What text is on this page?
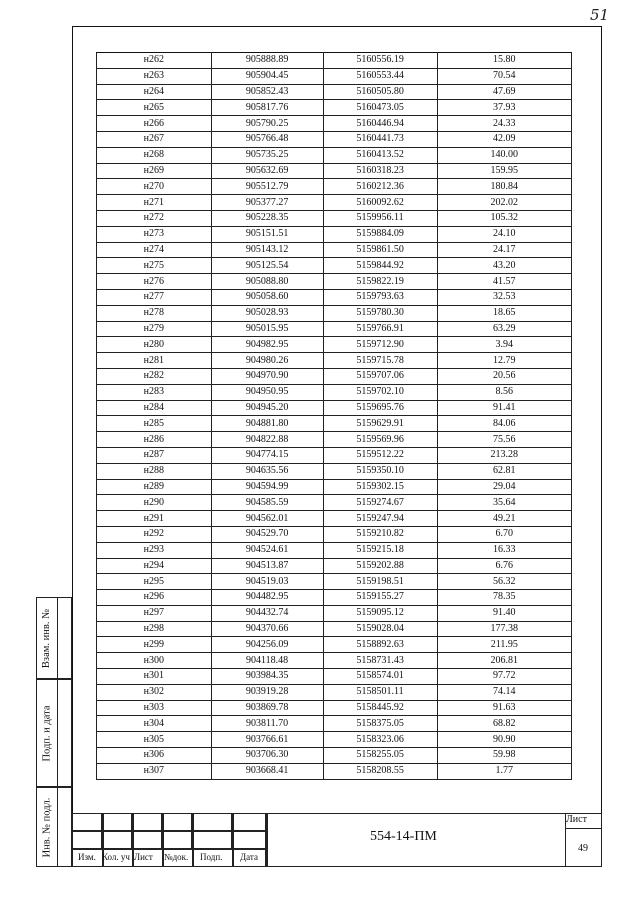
51
н262	905888.89	5160556.19	15.80
н263	905904.45	5160553.44	70.54
н264	905852.43	5160505.80	47.69
н265	905817.76	5160473.05	37.93
н266	905790.25	5160446.94	24.33
н267	905766.48	5160441.73	42.09
н268	905735.25	5160413.52	140.00
н269	905632.69	5160318.23	159.95
н270	905512.79	5160212.36	180.84
н271	905377.27	5160092.62	202.02
н272	905228.35	5159956.11	105.32
н273	905151.51	5159884.09	24.10
н274	905143.12	5159861.50	24.17
н275	905125.54	5159844.92	43.20
н276	905088.80	5159822.19	41.57
н277	905058.60	5159793.63	32.53
н278	905028.93	5159780.30	18.65
н279	905015.95	5159766.91	63.29
н280	904982.95	5159712.90	3.94
н281	904980.26	5159715.78	12.79
н282	904970.90	5159707.06	20.56
н283	904950.95	5159702.10	8.56
н284	904945.20	5159695.76	91.41
н285	904881.80	5159629.91	84.06
н286	904822.88	5159569.96	75.56
н287	904774.15	5159512.22	213.28
н288	904635.56	5159350.10	62.81
н289	904594.99	5159302.15	29.04
н290	904585.59	5159274.67	35.64
н291	904562.01	5159247.94	49.21
н292	904529.70	5159210.82	6.70
н293	904524.61	5159215.18	16.33
н294	904513.87	5159202.88	6.76
н295	904519.03	5159198.51	56.32
н296	904482.95	5159155.27	78.35
н297	904432.74	5159095.12	91.40
н298	904370.66	5159028.04	177.38
н299	904256.09	5158892.63	211.95
н300	904118.48	5158731.43	206.81
н301	903984.35	5158574.01	97.72
н302	903919.28	5158501.11	74.14
н303	903869.78	5158445.92	91.63
н304	903811.70	5158375.05	68.82
н305	903766.61	5158323.06	90.90
н306	903706.30	5158255.05	59.98
н307	903668.41	5158208.55	1.77
Взам. инв. №
Подп. и дата
Инв. № подл.
Изм. Кол. уч Лист №док. Подп. Дата
554-14-ПМ
Лист
49
